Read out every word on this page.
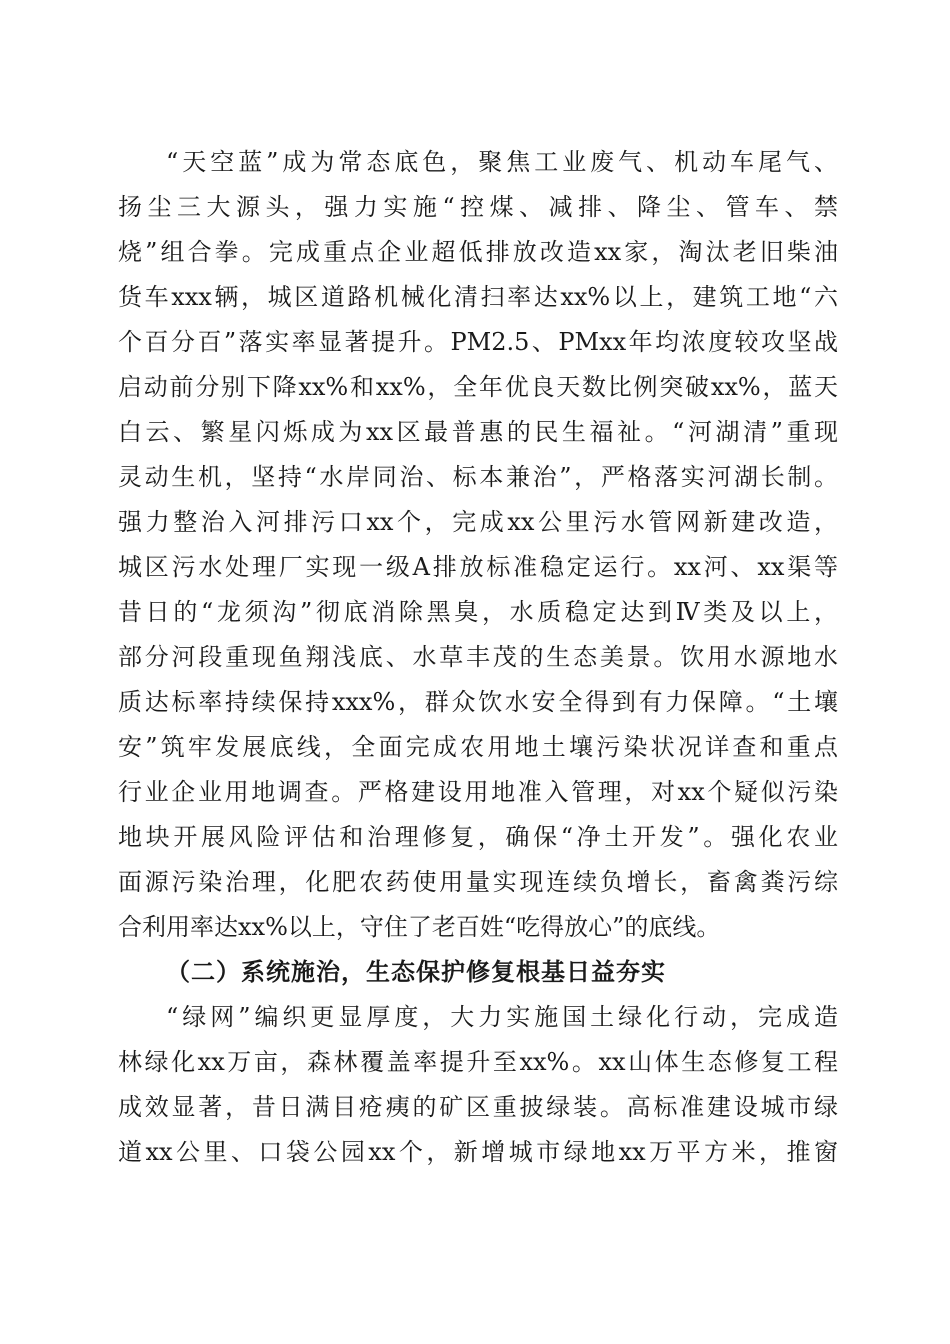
“天空蓝”成为常态底色，聚焦工业废气、机动车尾气、
扬尘三大源头，强力实施“控煤、减排、降尘、管车、禁
烧”组合拳。完成重点企业超低排放改造xx家，淘汰老旧柴油
货车xxx辆，城区道路机械化清扫率达xx%以上，建筑工地“六
个百分百”落实率显著提升。PM2.5、PMxx年均浓度较攻坚战
启动前分别下降xx%和xx%，全年优良天数比例突破xx%，蓝天
白云、繁星闪烁成为xx区最普惠的民生福祉。“河湖清”重现
灵动生机，坚持“水岸同治、标本兼治”，严格落实河湖长制。
强力整治入河排污口xx个，完成xx公里污水管网新建改造，
城区污水处理厂实现一级A排放标准稳定运行。xx河、xx渠等
昔日的“龙须沟”彻底消除黑臭，水质稳定达到Ⅳ类及以上，
部分河段重现鱼翔浅底、水草丰茂的生态美景。饮用水源地水
质达标率持续保持xxx%，群众饮水安全得到有力保障。“土壤
安”筑牢发展底线，全面完成农用地土壤污染状况详查和重点
行业企业用地调查。严格建设用地准入管理，对xx个疑似污染
地块开展风险评估和治理修复，确保“净土开发”。强化农业
面源污染治理，化肥农药使用量实现连续负增长，畜禽粪污综
合利用率达xx%以上，守住了老百姓“吃得放心”的底线。
（二）系统施治，生态保护修复根基日益夯实
“绿网”编织更显厚度，大力实施国土绿化行动，完成造
林绿化xx万亩，森林覆盖率提升至xx%。xx山体生态修复工程
成效显著，昔日满目疮痍的矿区重披绿装。高标准建设城市绿
道xx公里、口袋公园xx个，新增城市绿地xx万平方米，推窗
